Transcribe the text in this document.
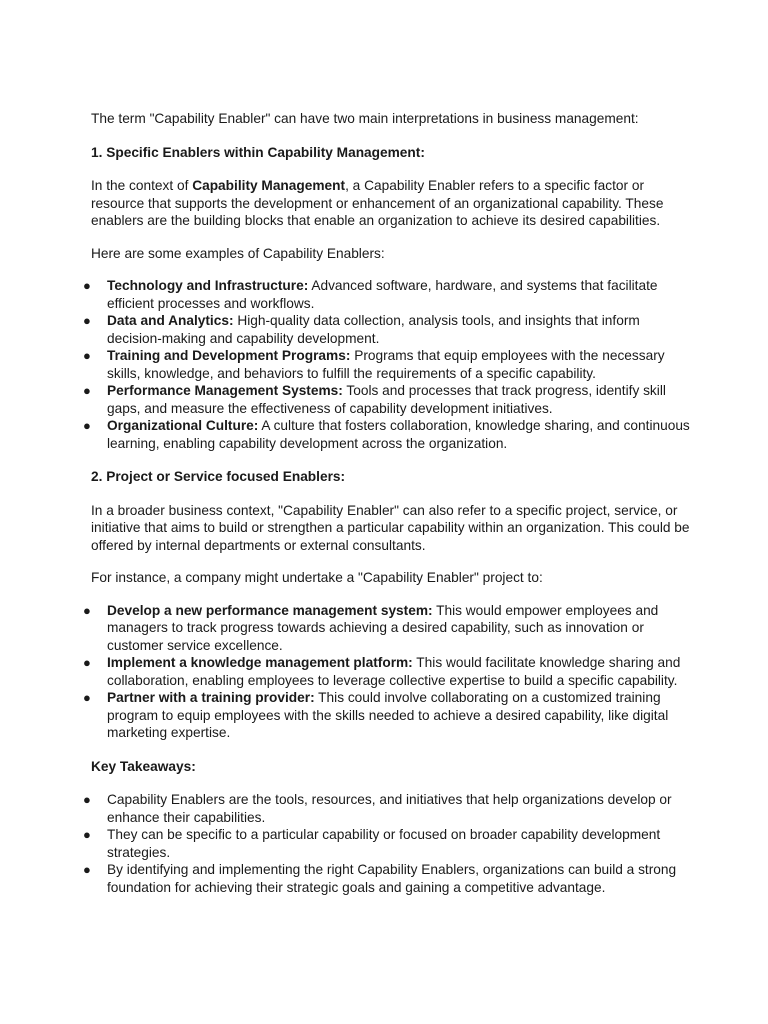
The term "Capability Enabler" can have two main interpretations in business management:

1. Specific Enablers within Capability Management:

In the context of Capability Management, a Capability Enabler refers to a specific factor or resource that supports the development or enhancement of an organizational capability. These enablers are the building blocks that enable an organization to achieve its desired capabilities.

Here are some examples of Capability Enablers:

● Technology and Infrastructure: Advanced software, hardware, and systems that facilitate efficient processes and workflows.
● Data and Analytics: High-quality data collection, analysis tools, and insights that inform decision-making and capability development.
● Training and Development Programs: Programs that equip employees with the necessary skills, knowledge, and behaviors to fulfill the requirements of a specific capability.
● Performance Management Systems: Tools and processes that track progress, identify skill gaps, and measure the effectiveness of capability development initiatives.
● Organizational Culture: A culture that fosters collaboration, knowledge sharing, and continuous learning, enabling capability development across the organization.

2. Project or Service focused Enablers:

In a broader business context, "Capability Enabler" can also refer to a specific project, service, or initiative that aims to build or strengthen a particular capability within an organization. This could be offered by internal departments or external consultants.

For instance, a company might undertake a "Capability Enabler" project to:

● Develop a new performance management system: This would empower employees and managers to track progress towards achieving a desired capability, such as innovation or customer service excellence.
● Implement a knowledge management platform: This would facilitate knowledge sharing and collaboration, enabling employees to leverage collective expertise to build a specific capability.
● Partner with a training provider: This could involve collaborating on a customized training program to equip employees with the skills needed to achieve a desired capability, like digital marketing expertise.

Key Takeaways:

● Capability Enablers are the tools, resources, and initiatives that help organizations develop or enhance their capabilities.
● They can be specific to a particular capability or focused on broader capability development strategies.
● By identifying and implementing the right Capability Enablers, organizations can build a strong foundation for achieving their strategic goals and gaining a competitive advantage.
